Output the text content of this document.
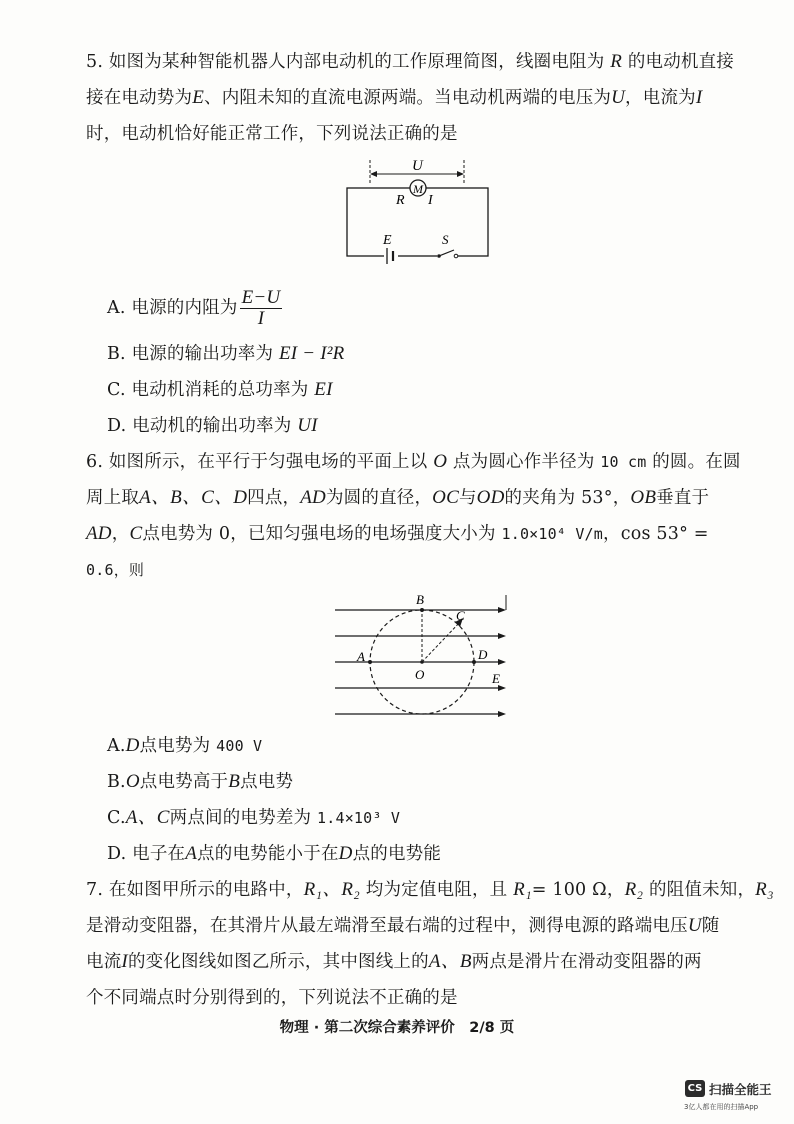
5. 如图为某种智能机器人内部电动机的工作原理简图，线圈电阻为 R 的电动机直接
接在电动势为E、内阻未知的直流电源两端。当电动机两端的电压为U，电流为I
时，电动机恰好能正常工作，下列说法正确的是
U
M
R I
E	S
A. 电源的内阻为 $\frac{E-U}{I}$
B. 电源的输出功率为 EI − I²R
C. 电动机消耗的总功率为 EI
D. 电动机的输出功率为 UI
6. 如图所示，在平行于匀强电场的平面上以 O 点为圆心作半径为 10 cm 的圆。在圆
周上取A、B、C、D四点，AD为圆的直径，OC与OD的夹角为 53°，OB垂直于
AD，C点电势为 0，已知匀强电场的电场强度大小为 1.0×10⁴ V/m，cos 53° =
0.6，则
B
C
A	D
O	E
A.D点电势为 400 V
B.O点电势高于B点电势
C.A、C两点间的电势差为 1.4×10³ V
D. 电子在A点的电势能小于在D点的电势能
7. 在如图甲所示的电路中，R₁、R₂ 均为定值电阻，且 R₁= 100 Ω，R₂ 的阻值未知，R₃
是滑动变阻器，在其滑片从最左端滑至最右端的过程中，测得电源的路端电压U随
电流I的变化图线如图乙所示，其中图线上的A、B两点是滑片在滑动变阻器的两
个不同端点时分别得到的，下列说法不正确的是
物理 · 第二次综合素养评价　2/8 页
CS 扫描全能王
3亿人都在用的扫描App
